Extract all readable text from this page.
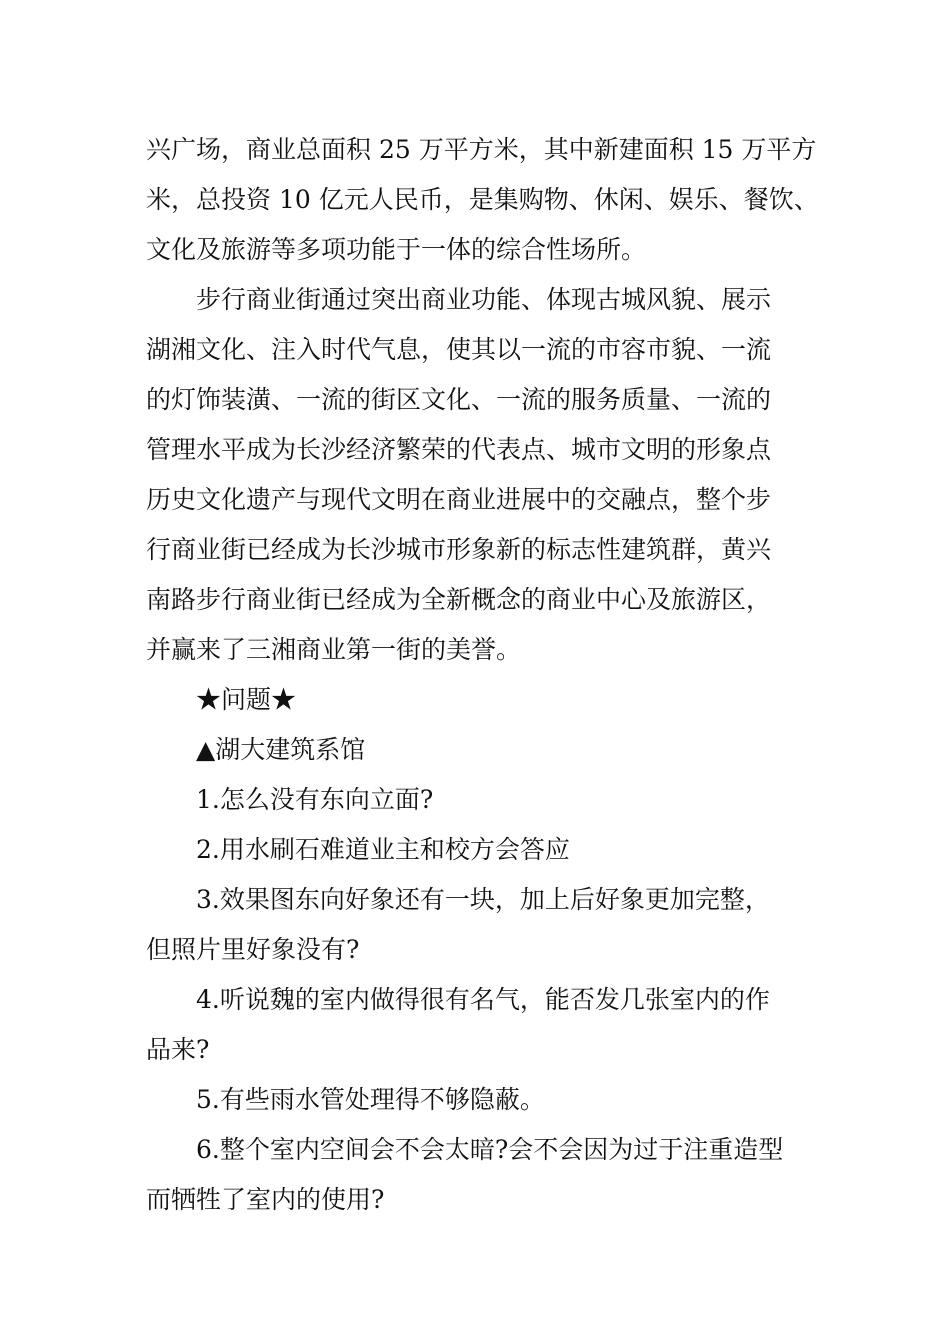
兴广场，商业总面积 25 万平方米，其中新建面积 15 万平方
米，总投资 10 亿元人民币，是集购物、休闲、娱乐、餐饮、
文化及旅游等多项功能于一体的综合性场所。
步行商业街通过突出商业功能、体现古城风貌、展示
湖湘文化、注入时代气息，使其以一流的市容市貌、一流
的灯饰装潢、一流的街区文化、一流的服务质量、一流的
管理水平成为长沙经济繁荣的代表点、城市文明的形象点
历史文化遗产与现代文明在商业进展中的交融点，整个步
行商业街已经成为长沙城市形象新的标志性建筑群，黄兴
南路步行商业街已经成为全新概念的商业中心及旅游区，
并赢来了三湘商业第一街的美誉。
★问题★
▲湖大建筑系馆
1.怎么没有东向立面?
2.用水刷石难道业主和校方会答应
3.效果图东向好象还有一块，加上后好象更加完整，
但照片里好象没有?
4.听说魏的室内做得很有名气，能否发几张室内的作
品来?
5.有些雨水管处理得不够隐蔽。
6.整个室内空间会不会太暗?会不会因为过于注重造型
而牺牲了室内的使用?
